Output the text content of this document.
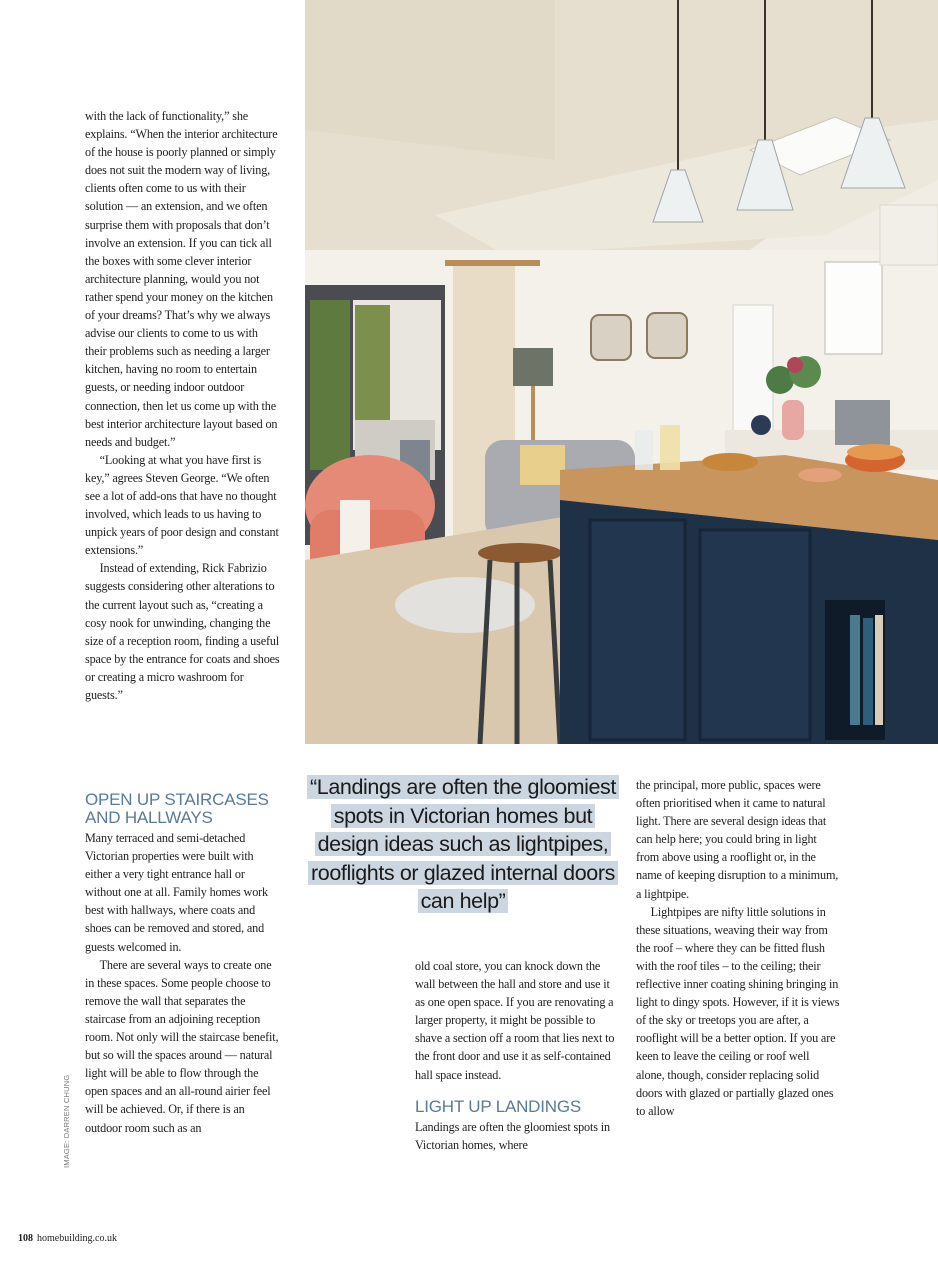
with the lack of functionality,” she explains. “When the interior architecture of the house is poorly planned or simply does not suit the modern way of living, clients often come to us with their solution — an extension, and we often surprise them with proposals that don’t involve an extension. If you can tick all the boxes with some clever interior architecture planning, would you not rather spend your money on the kitchen of your dreams? That’s why we always advise our clients to come to us with their problems such as needing a larger kitchen, having no room to entertain guests, or needing indoor outdoor connection, then let us come up with the best interior architecture layout based on needs and budget.”

“Looking at what you have first is key,” agrees Steven George. “We often see a lot of add-ons that have no thought involved, which leads to us having to unpick years of poor design and constant extensions.”

Instead of extending, Rick Fabrizio suggests considering other alterations to the current layout such as, “creating a cosy nook for unwinding, changing the size of a reception room, finding a useful space by the entrance for coats and shoes or creating a micro washroom for guests.”

“Landings are often the gloomiest spots in Victorian homes but design ideas such as lightpipes, rooflights or glazed internal doors can help”
OPEN UP STAIRCASES AND HALLWAYS

Many terraced and semi-detached Victorian properties were built with either a very tight entrance hall or without one at all. Family homes work best with hallways, where coats and shoes can be removed and stored, and guests welcomed in.

There are several ways to create one in these spaces. Some people choose to remove the wall that separates the staircase from an adjoining reception room. Not only will the staircase benefit, but so will the spaces around — natural light will be able to flow through the open spaces and an all-round airier feel will be achieved. Or, if there is an outdoor room such as an

old coal store, you can knock down the wall between the hall and store and use it as one open space. If you are renovating a larger property, it might be possible to shave a section off a room that lies next to the front door and use it as self-contained hall space instead.

LIGHT UP LANDINGS

Landings are often the gloomiest spots in Victorian homes, where

the principal, more public, spaces were often prioritised when it came to natural light. There are several design ideas that can help here; you could bring in light from above using a rooflight or, in the name of keeping disruption to a minimum, a lightpipe.

Lightpipes are nifty little solutions in these situations, weaving their way from the roof – where they can be fitted flush with the roof tiles – to the ceiling; their reflective inner coating shining bringing in light to dingy spots. However, if it is views of the sky or treetops you are after, a rooflight will be a better option. If you are keen to leave the ceiling or roof well alone, though, consider replacing solid doors with glazed or partially glazed ones to allow

IMAGE: DARREN CHUNG
108 homebuilding.co.uk
